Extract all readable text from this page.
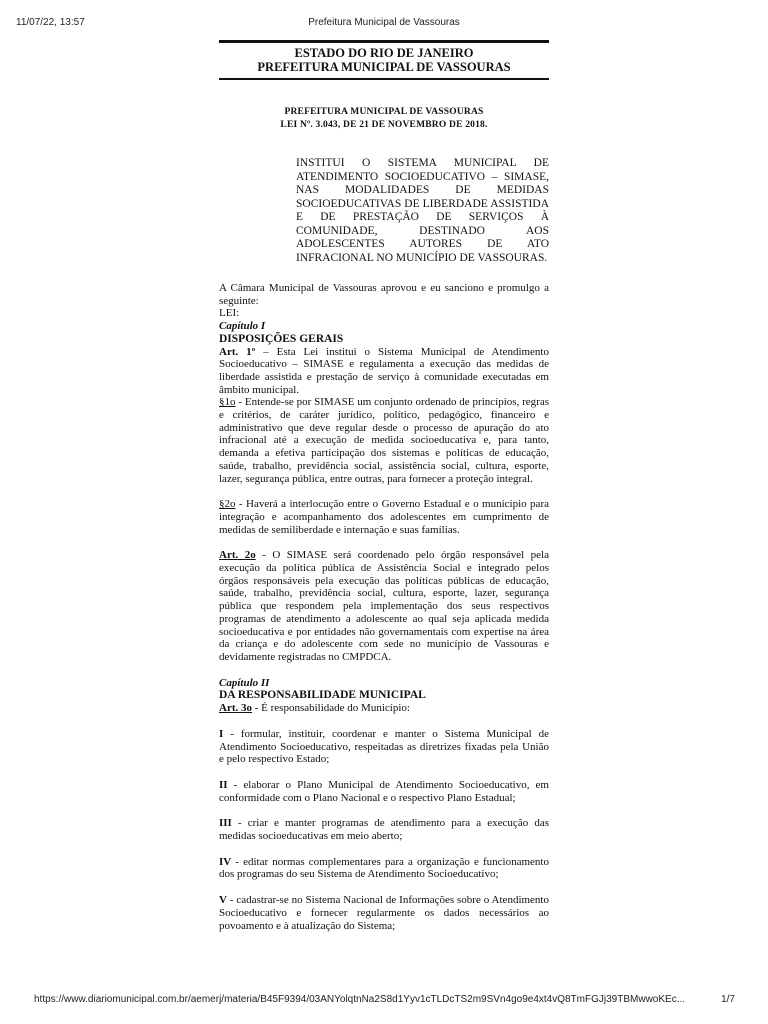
11/07/22, 13:57	Prefeitura Municipal de Vassouras
ESTADO DO RIO DE JANEIRO
PREFEITURA MUNICIPAL DE VASSOURAS
PREFEITURA MUNICIPAL DE VASSOURAS
LEI Nº. 3.043, DE 21 DE NOVEMBRO DE 2018.
INSTITUI O SISTEMA MUNICIPAL DE ATENDIMENTO SOCIOEDUCATIVO – SIMASE, NAS MODALIDADES DE MEDIDAS SOCIOEDUCATIVAS DE LIBERDADE ASSISTIDA E DE PRESTAÇÃO DE SERVIÇOS À COMUNIDADE, DESTINADO AOS ADOLESCENTES AUTORES DE ATO INFRACIONAL NO MUNICÍPIO DE VASSOURAS.

A Câmara Municipal de Vassouras aprovou e eu sanciono e promulgo a seguinte:

LEI:

Capítulo I

DISPOSIÇÕES GERAIS

Art. 1º – Esta Lei institui o Sistema Municipal de Atendimento Socioeducativo – SIMASE e regulamenta a execução das medidas de liberdade assistida e prestação de serviço à comunidade executadas em âmbito municipal.

§1o - Entende-se por SIMASE um conjunto ordenado de princípios, regras e critérios, de caráter jurídico, político, pedagógico, financeiro e administrativo que deve regular desde o processo de apuração do ato infracional até a execução de medida socioeducativa e, para tanto, demanda a efetiva participação dos sistemas e políticas de educação, saúde, trabalho, previdência social, assistência social, cultura, esporte, lazer, segurança pública, entre outras, para fornecer a proteção integral.

§2o - Haverá a interlocução entre o Governo Estadual e o município para integração e acompanhamento dos adolescentes em cumprimento de medidas de semiliberdade e internação e suas famílias.

Art. 2o - O SIMASE será coordenado pelo órgão responsável pela execução da política pública de Assistência Social e integrado pelos órgãos responsáveis pela execução das políticas públicas de educação, saúde, trabalho, previdência social, cultura, esporte, lazer, segurança pública que respondem pela implementação dos seus respectivos programas de atendimento a adolescente ao qual seja aplicada medida socioeducativa e por entidades não governamentais com expertise na área da criança e do adolescente com sede no município de Vassouras e devidamente registradas no CMPDCA.

Capítulo II

DA RESPONSABILIDADE MUNICIPAL

Art. 3o - É responsabilidade do Município:

I - formular, instituir, coordenar e manter o Sistema Municipal de Atendimento Socioeducativo, respeitadas as diretrizes fixadas pela União e pelo respectivo Estado;

II - elaborar o Plano Municipal de Atendimento Socioeducativo, em conformidade com o Plano Nacional e o respectivo Plano Estadual;

III - criar e manter programas de atendimento para a execução das medidas socioeducativas em meio aberto;

IV - editar normas complementares para a organização e funcionamento dos programas do seu Sistema de Atendimento Socioeducativo;

V - cadastrar-se no Sistema Nacional de Informações sobre o Atendimento Socioeducativo e fornecer regularmente os dados necessários ao povoamento e à atualização do Sistema;

https://www.diariomunicipal.com.br/aemerj/materia/B45F9394/03ANYolqtnNa2S8d1Yyv1cTLDcTS2m9SVn4go9e4xt4vQ8TmFGJj39TBMwwoKEc...	1/7
